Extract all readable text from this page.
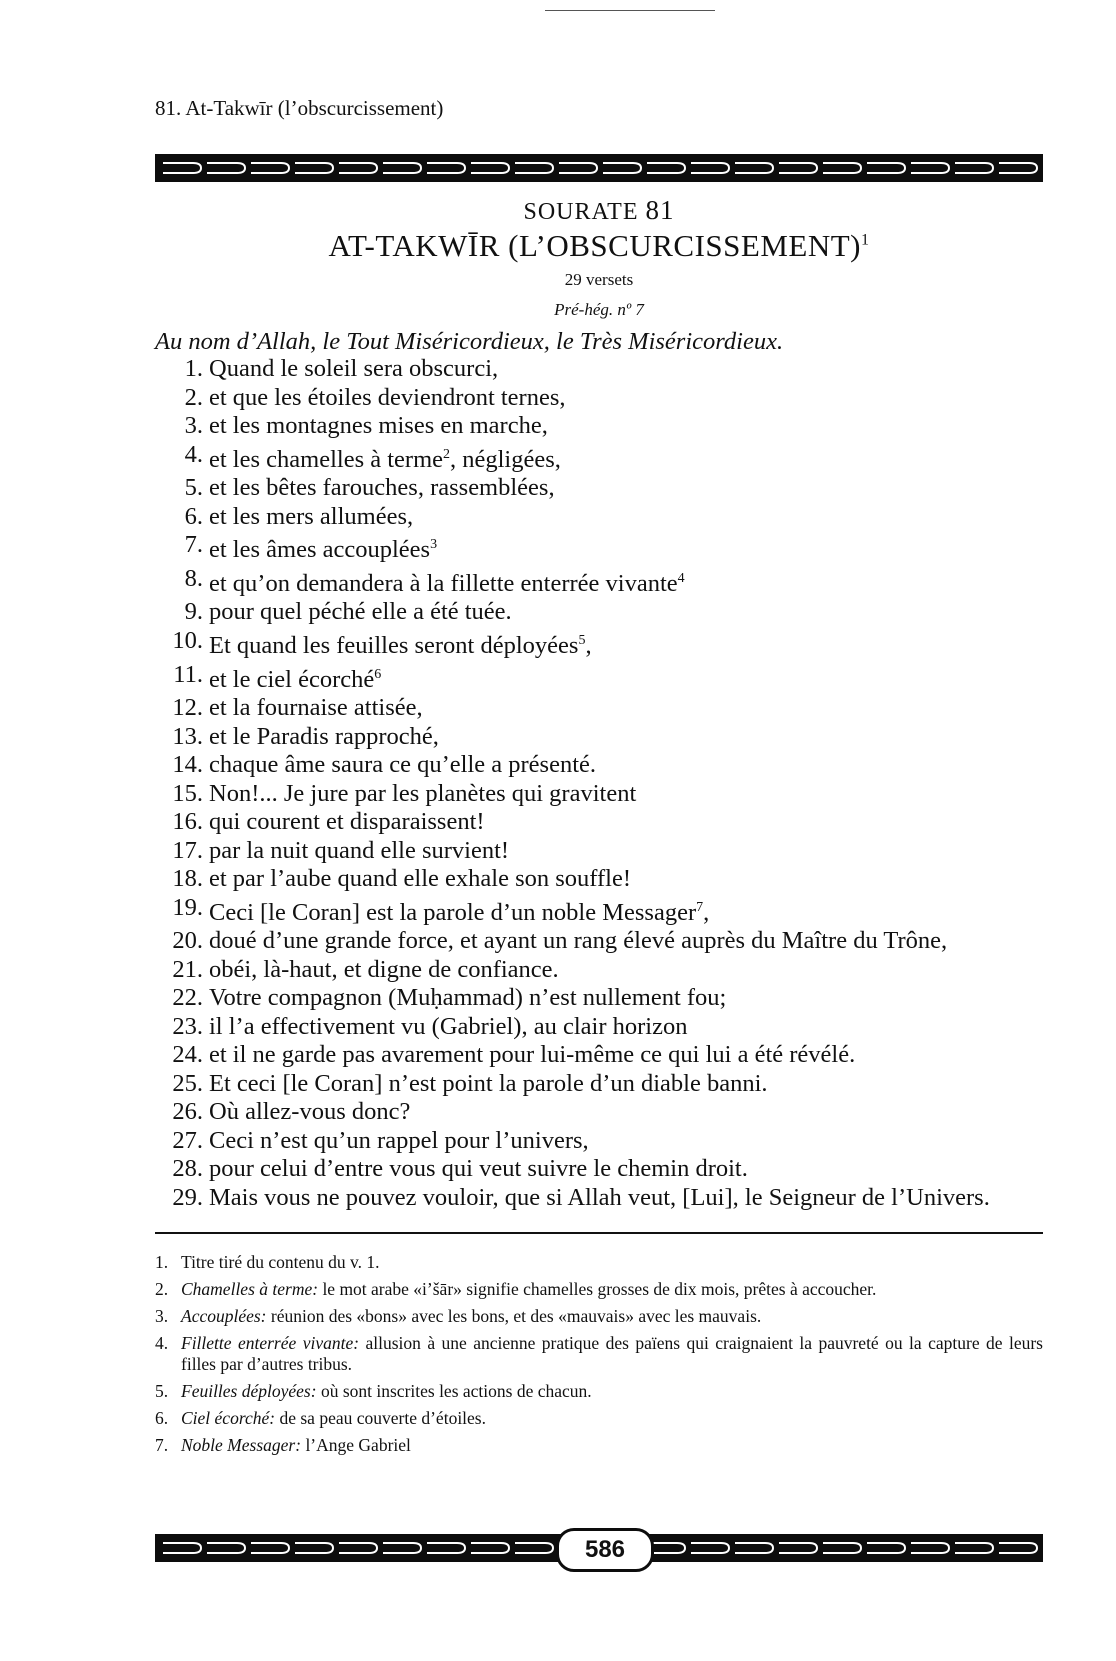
81. At-Takwīr (l’obscurcissement)
SOURATE 81
AT-TAKWĪR (L’OBSCURCISSEMENT)$^1$
29 versets
Pré-hég. nº 7
Au nom d’Allah, le Tout Miséricordieux, le Très Miséricordieux.
1. Quand le soleil sera obscurci,
2. et que les étoiles deviendront ternes,
3. et les montagnes mises en marche,
4. et les chamelles à terme$^2$, négligées,
5. et les bêtes farouches, rassemblées,
6. et les mers allumées,
7. et les âmes accouplées$^3$
8. et qu’on demandera à la fillette enterrée vivante$^4$
9. pour quel péché elle a été tuée.
10. Et quand les feuilles seront déployées$^5$,
11. et le ciel écorché$^6$
12. et la fournaise attisée,
13. et le Paradis rapproché,
14. chaque âme saura ce qu’elle a présenté.
15. Non!... Je jure par les planètes qui gravitent
16. qui courent et disparaissent!
17. par la nuit quand elle survient!
18. et par l’aube quand elle exhale son souffle!
19. Ceci [le Coran] est la parole d’un noble Messager$^7$,
20. doué d’une grande force, et ayant un rang élevé auprès du Maître du Trône,
21. obéi, là-haut, et digne de confiance.
22. Votre compagnon (Muḥammad) n’est nullement fou;
23. il l’a effectivement vu (Gabriel), au clair horizon
24. et il ne garde pas avarement pour lui-même ce qui lui a été révélé.
25. Et ceci [le Coran] n’est point la parole d’un diable banni.
26. Où allez-vous donc?
27. Ceci n’est qu’un rappel pour l’univers,
28. pour celui d’entre vous qui veut suivre le chemin droit.
29. Mais vous ne pouvez vouloir, que si Allah veut, [Lui], le Seigneur de l’Univers.
1. Titre tiré du contenu du v. 1.
2. Chamelles à terme: le mot arabe «i’šār» signifie chamelles grosses de dix mois, prêtes à accoucher.
3. Accouplées: réunion des «bons» avec les bons, et des «mauvais» avec les mauvais.
4. Fillette enterrée vivante: allusion à une ancienne pratique des païens qui craignaient la pauvreté ou la capture de leurs filles par d’autres tribus.
5. Feuilles déployées: où sont inscrites les actions de chacun.
6. Ciel écorché: de sa peau couverte d’étoiles.
7. Noble Messager: l’Ange Gabriel
586
